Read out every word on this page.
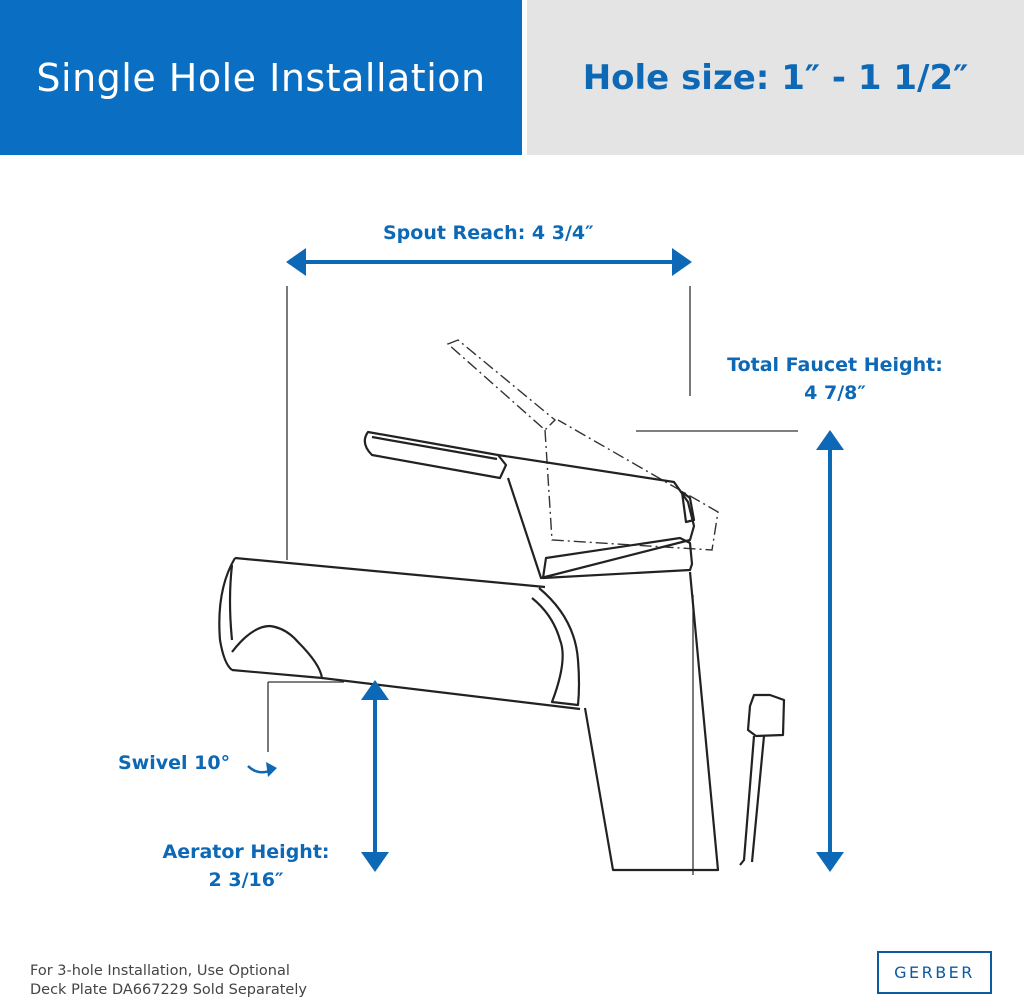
Single Hole Installation	Hole size: 1″ - 1 1/2″
Spout Reach: 4 3/4″
Total Faucet Height:
4 7/8″
Swivel 10°
Aerator Height:
2 3/16″
For 3-hole Installation, Use Optional
Deck Plate DA667229 Sold Separately
GERBER
